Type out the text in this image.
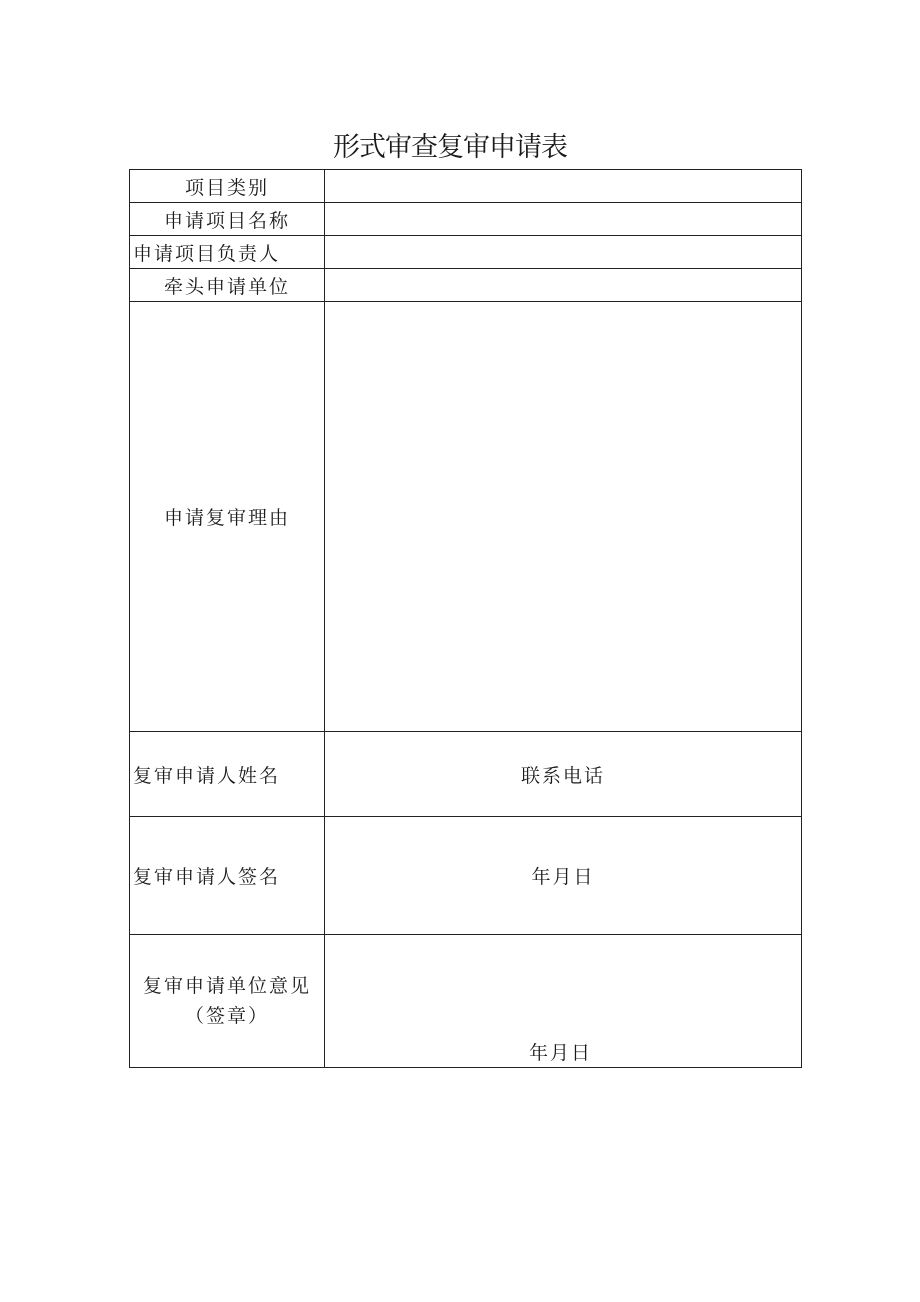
形式审查复审申请表
项目类别	
申请项目名称	
申请项目负责人	
牵头申请单位	
申请复审理由	
复审申请人姓名	联系电话
复审申请人签名	年月日
复审申请单位意见
（签章）	年月日
